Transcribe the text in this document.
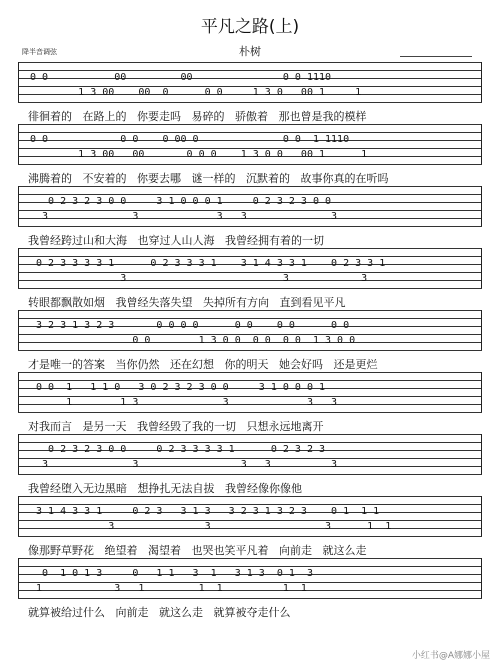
平凡之路(上)
降半音调弦	朴树
0 0           00         00               0 0 1110
1 3 00    00  0      0 0     1 3 0   00 1     1
徘徊着的   在路上的   你要走吗   易碎的   骄傲着   那也曾是我的模样
0 0            0 0    0 00 0              0 0  1 1110
1 3 00   00       0 0 0    1 3 0 0   00 1      1
沸腾着的   不安着的   你要去哪   谜一样的   沉默着的   故事你真的在听吗
0 2 3 2 3 0 0     3 1 0 0 0 1     0 2 3 2 3 0 0
3              3             3   3              3
我曾经跨过山和大海   也穿过人山人海   我曾经拥有着的一切
0 2 3 3 3 3 1      0 2 3 3 3 1    3 1 4 3 3 1    0 2 3 3 1
3                          3            3
转眼都飘散如烟   我曾经失落失望   失掉所有方向   直到看见平凡
3 2 3 1 3 2 3       0 0 0 0      0 0    0 0      0 0
0 0        1 3 0 0  0 0  0 0  1 3 0 0
才是唯一的答案   当你仍然   还在幻想   你的明天   她会好吗   还是更烂
0 0  1   1 1 0   3 0 2 3 2 3 0 0     3 1 0 0 0 1
1        1 3              3             3   3
对我而言   是另一天   我曾经毁了我的一切   只想永远地离开
0 2 3 2 3 0 0     0 2 3 3 3 3 1      0 2 3 2 3
3              3                 3   3          3
我曾经堕入无边黑暗   想挣扎无法自拔   我曾经像你像他
3 1 4 3 3 1     0 2 3   3 1 3   3 2 3 1 3 2 3    0 1  1 1
3               3                   3      1  1
像那野草野花   绝望着   渴望着   也哭也笑平凡着   向前走   就这么走
0  1 0 1 3     0   1 1   3  1   3 1 3  0 1  3
1            3   1         1  1          1  1
就算被给过什么   向前走   就这么走   就算被夺走什么
小红书@A娜娜小屋
